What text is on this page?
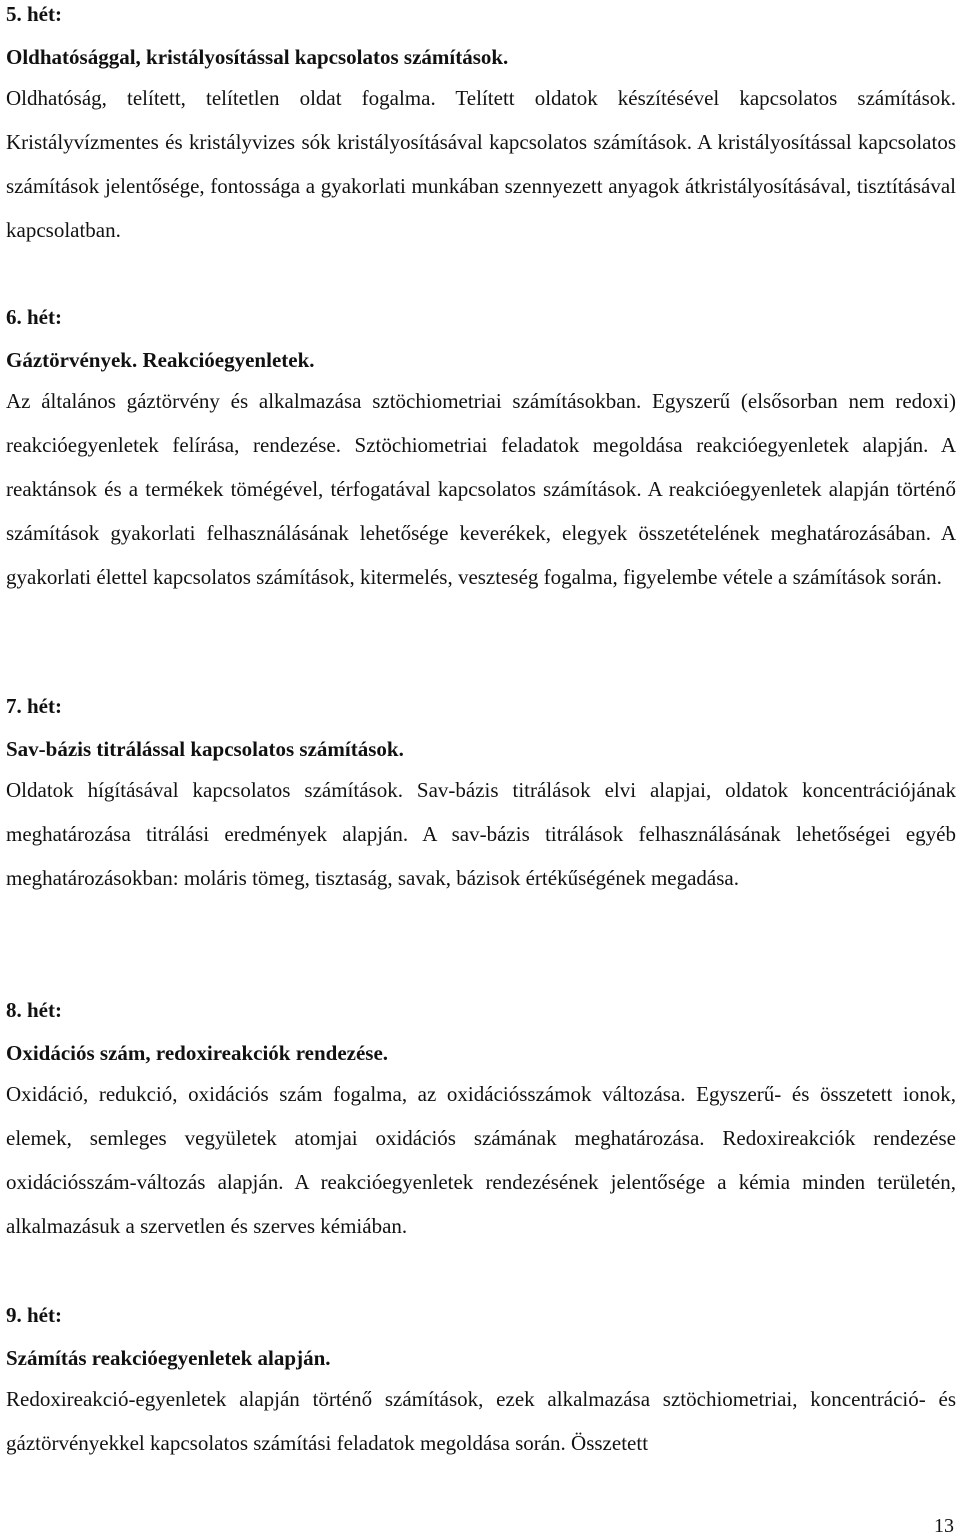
5. hét:

Oldhatósággal, kristályosítással kapcsolatos számítások.

Oldhatóság, telített, telítetlen oldat fogalma. Telített oldatok készítésével kapcsolatos számítások. Kristályvízmentes és kristályvizes sók kristályosításával kapcsolatos számítások. A kristályosítással kapcsolatos számítások jelentősége, fontossága a gyakorlati munkában szennyezett anyagok átkristályosításával, tisztításával kapcsolatban.

6. hét:

Gáztörvények. Reakcióegyenletek.

Az általános gáztörvény és alkalmazása sztöchiometriai számításokban. Egyszerű (elsősorban nem redoxi) reakcióegyenletek felírása, rendezése. Sztöchiometriai feladatok megoldása reakcióegyenletek alapján. A reaktánsok és a termékek tömégével, térfogatával kapcsolatos számítások. A reakcióegyenletek alapján történő számítások gyakorlati felhasználásának lehetősége keverékek, elegyek összetételének meghatározásában. A gyakorlati élettel kapcsolatos számítások, kitermelés, veszteség fogalma, figyelembe vétele a számítások során.

7. hét:

Sav-bázis titrálással kapcsolatos számítások.

Oldatok hígításával kapcsolatos számítások. Sav-bázis titrálások elvi alapjai, oldatok koncentrációjának meghatározása titrálási eredmények alapján. A sav-bázis titrálások felhasználásának lehetőségei egyéb meghatározásokban: moláris tömeg, tisztaság, savak, bázisok értékűségének megadása.

8. hét:

Oxidációs szám, redoxireakciók rendezése.

Oxidáció, redukció, oxidációs szám fogalma, az oxidációsszámok változása. Egyszerű- és összetett ionok, elemek, semleges vegyületek atomjai oxidációs számának meghatározása. Redoxireakciók rendezése oxidációsszám-változás alapján. A reakcióegyenletek rendezésének jelentősége a kémia minden területén, alkalmazásuk a szervetlen és szerves kémiában.

9. hét:

Számítás reakcióegyenletek alapján.

Redoxireakció-egyenletek alapján történő számítások, ezek alkalmazása sztöchiometriai, koncentráció- és gáztörvényekkel kapcsolatos számítási feladatok megoldása során. Összetett

13
